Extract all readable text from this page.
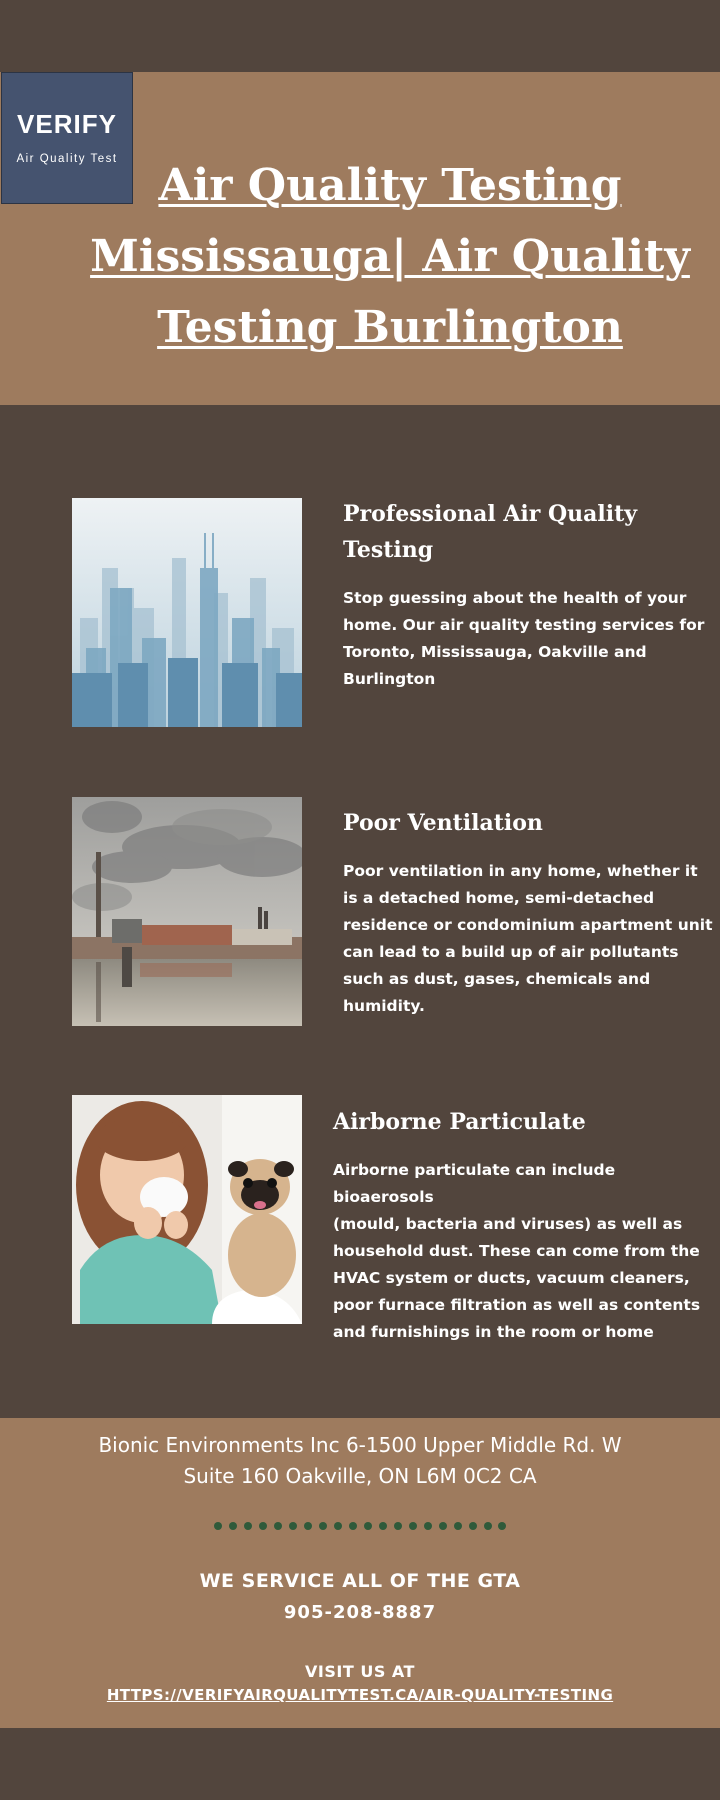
VERIFY
Air Quality Test
Air Quality Testing
Mississauga| Air Quality
Testing Burlington
Professional Air Quality
Testing

Stop guessing about the health of your
home. Our air quality testing services for
Toronto, Mississauga, Oakville and
Burlington

Poor Ventilation

Poor ventilation in any home, whether it
is a detached home, semi-detached
residence or condominium apartment unit
can lead to a build up of air pollutants
such as dust, gases, chemicals and
humidity.

Airborne Particulate

Airborne particulate can include bioaerosols
(mould, bacteria and viruses) as well as
household dust. These can come from the
HVAC system or ducts, vacuum cleaners,
poor furnace filtration as well as contents
and furnishings in the room or home

Bionic Environments Inc 6-1500 Upper Middle Rd. W
Suite 160 Oakville, ON L6M 0C2 CA
WE SERVICE ALL OF THE GTA
905-208-8887
VISIT US AT
HTTPS://VERIFYAIRQUALITYTEST.CA/AIR-QUALITY-TESTING
